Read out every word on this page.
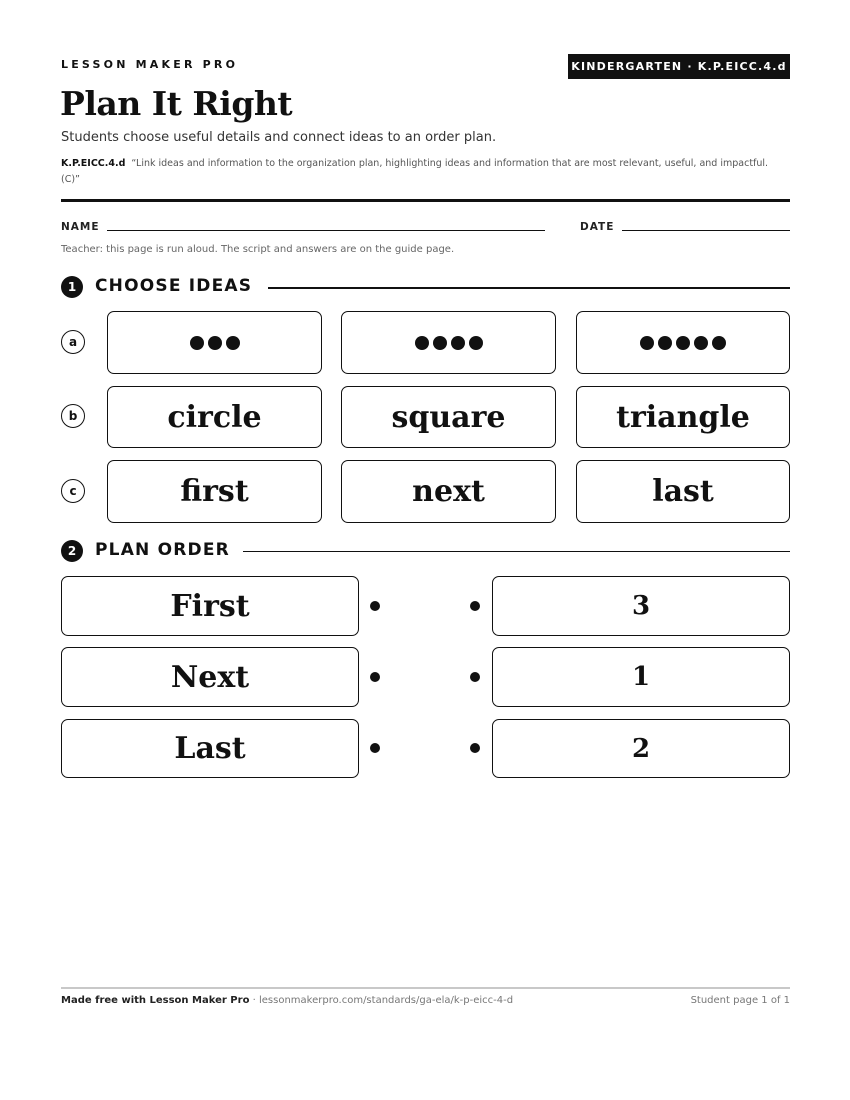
LESSON MAKER PRO	KINDERGARTEN · K.P.EICC.4.d
Plan It Right
Students choose useful details and connect ideas to an order plan.
K.P.EICC.4.d “Link ideas and information to the organization plan, highlighting ideas and information that are most relevant, useful, and impactful. (C)”
NAME	DATE
Teacher: this page is run aloud. The script and answers are on the guide page.
1	CHOOSE IDEAS
a
b	circle	square	triangle
c	first	next	last
2	PLAN ORDER
First	3
Next	1
Last	2
Made free with Lesson Maker Pro · lessonmakerpro.com/standards/ga-ela/k-p-eicc-4-d	Student page 1 of 1
